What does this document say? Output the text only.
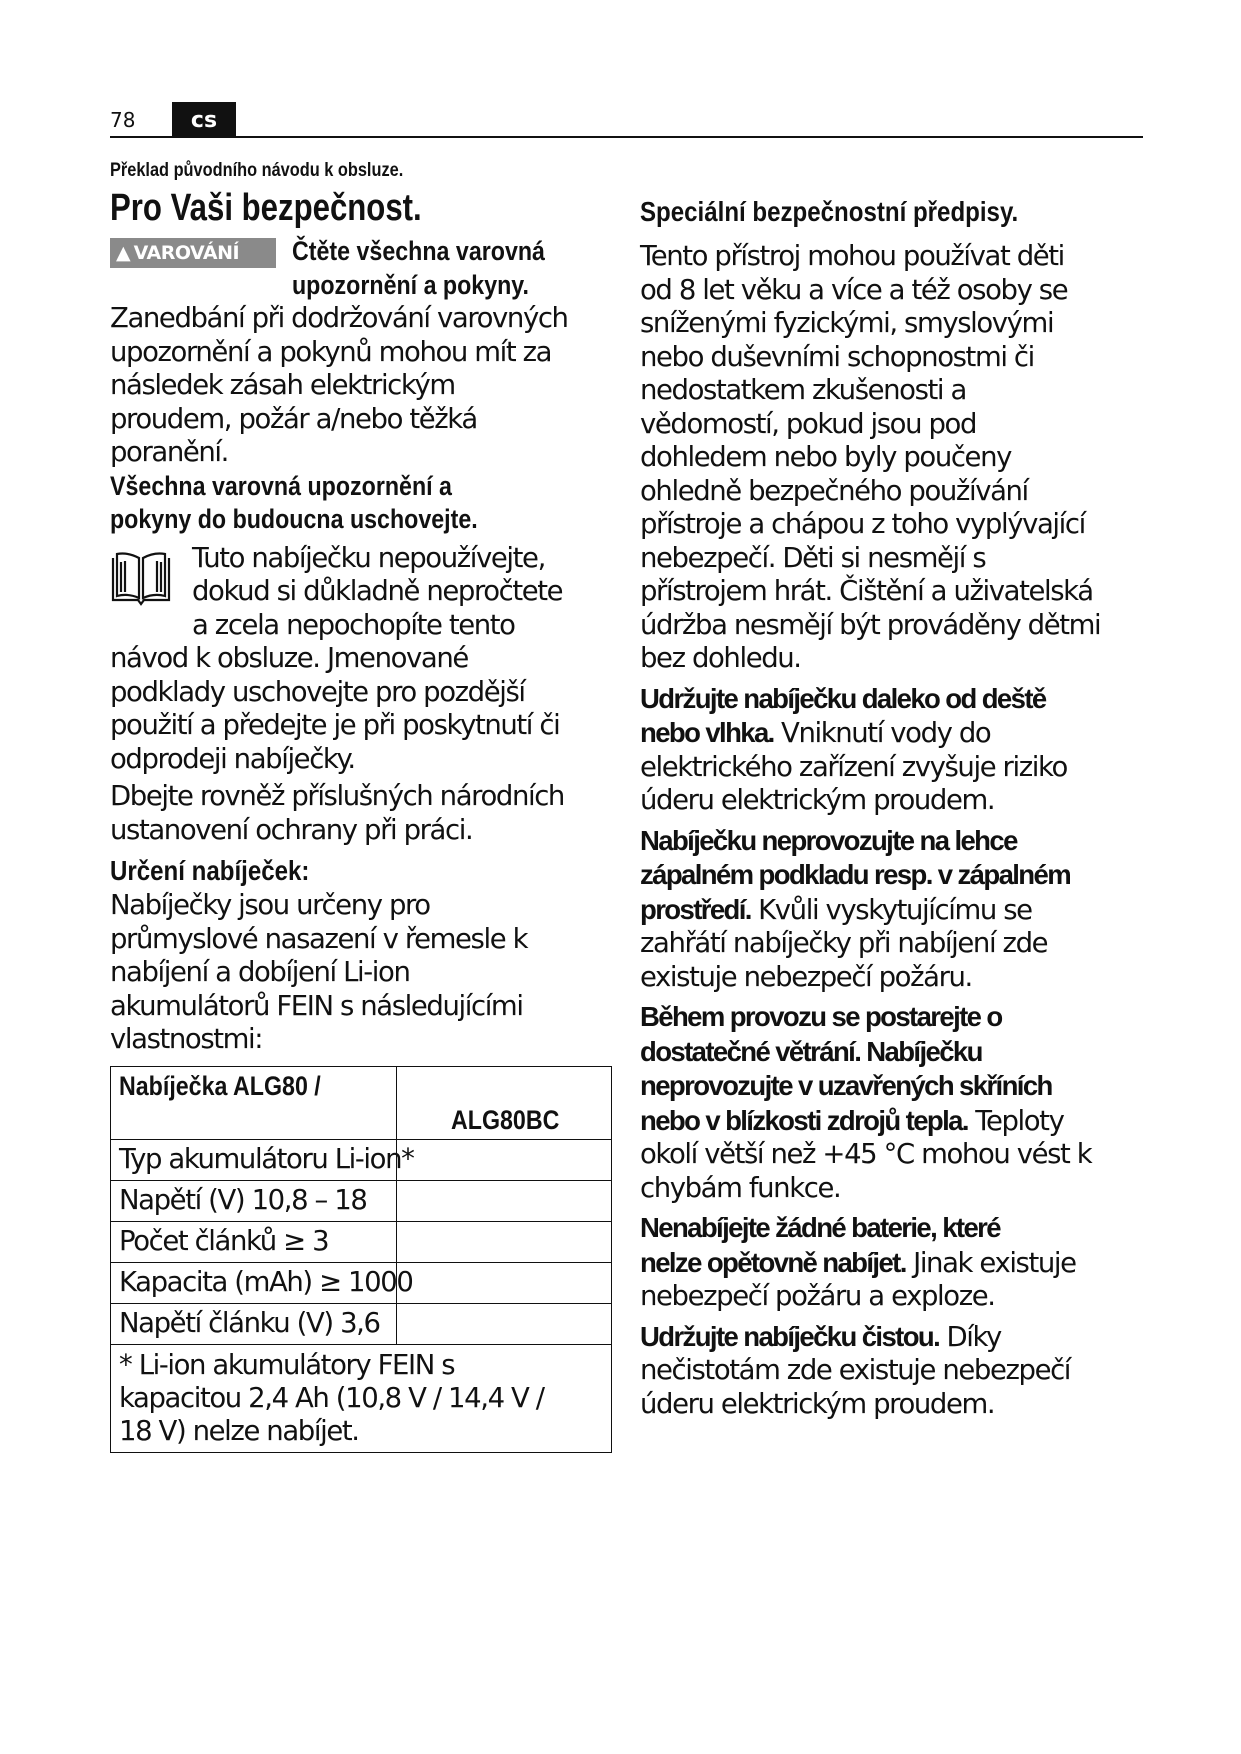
78	cs
Překlad původního návodu k obsluze.
Pro Vaši bezpečnost.
▲ VAROVÁNÍ	Čtěte všechna varovná
upozornění a pokyny.

Zanedbání při dodržování varovných
upozornění a pokynů mohou mít za
následek zásah elektrickým
proudem, požár a/nebo těžká
poranění.

Všechna varovná upozornění a
pokyny do budoucna uschovejte.

Tuto nabíječku nepoužívejte,
dokud si důkladně nepročtete
a zcela nepochopíte tento
návod k obsluze. Jmenované
podklady uschovejte pro pozdější
použití a předejte je při poskytnutí či
odprodeji nabíječky.

Dbejte rovněž příslušných národních
ustanovení ochrany při práci.

Určení nabíječek:

Nabíječky jsou určeny pro
průmyslové nasazení v řemesle k
nabíjení a dobíjení Li-ion
akumulátorů FEIN s následujícími
vlastnostmi:

Nabíječka ALG80 /	ALG80BC

Typ akumulátoru Li-ion*	

Napětí (V) 10,8 – 18	

Počet článků ≥ 3	

Kapacita (mAh) ≥ 1000	

Napětí článku (V) 3,6	

* Li-ion akumulátory FEIN s
kapacitou 2,4 Ah (10,8 V / 14,4 V /
18 V) nelze nabíjet.	
Speciální bezpečnostní předpisy.

Tento přístroj mohou používat děti
od 8 let věku a více a též osoby se
sníženými fyzickými, smyslovými
nebo duševními schopnostmi či
nedostatkem zkušenosti a
vědomostí, pokud jsou pod
dohledem nebo byly poučeny
ohledně bezpečného používání
přístroje a chápou z toho vyplývající
nebezpečí. Děti si nesmějí s
přístrojem hrát. Čištění a uživatelská
údržba nesmějí být prováděny dětmi
bez dohledu.

Udržujte nabíječku daleko od deště
nebo vlhka. Vniknutí vody do
elektrického zařízení zvyšuje riziko
úderu elektrickým proudem.

Nabíječku neprovozujte na lehce
zápalném podkladu resp. v zápalném
prostředí. Kvůli vyskytujícímu se
zahřátí nabíječky při nabíjení zde
existuje nebezpečí požáru.

Během provozu se postarejte o
dostatečné větrání. Nabíječku
neprovozujte v uzavřených skříních
nebo v blízkosti zdrojů tepla. Teploty
okolí větší než +45 °C mohou vést k
chybám funkce.

Nenabíjejte žádné baterie, které
nelze opětovně nabíjet. Jinak existuje
nebezpečí požáru a exploze.

Udržujte nabíječku čistou. Díky
nečistotám zde existuje nebezpečí
úderu elektrickým proudem.
